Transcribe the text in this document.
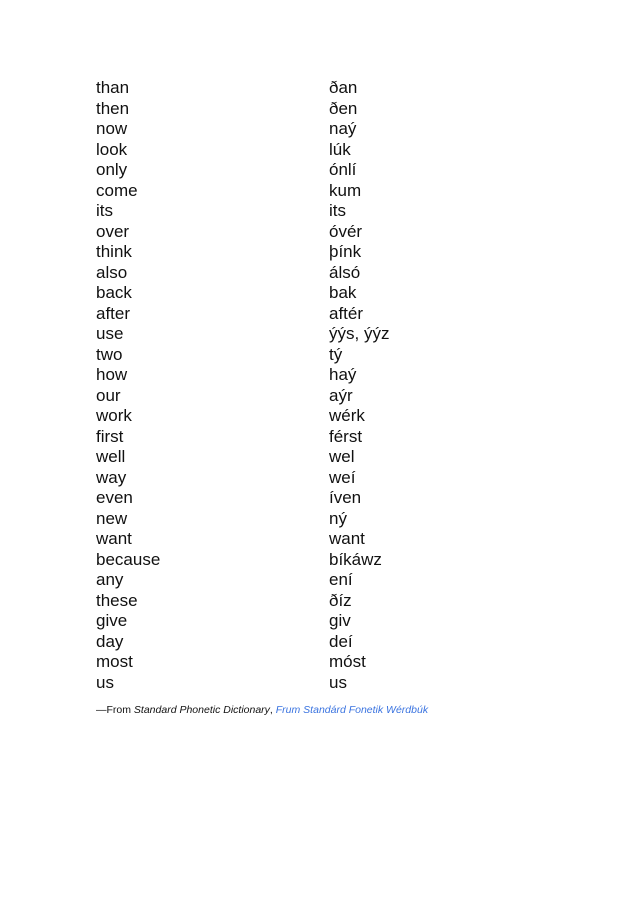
than	ðan
then	ðen
now	naý
look	lúk
only	ónlí
come	kum
its	its
over	óvér
think	þínk
also	álsó
back	bak
after	aftér
use	ýýs, ýýz
two	tý
how	haý
our	aýr
work	wérk
first	férst
well	wel
way	weí
even	íven
new	ný
want	want
because	bíkáwz
any	ení
these	ðíz
give	giv
day	deí
most	móst
us	us
—From Standard Phonetic Dictionary, Frum Standárd Fonetik Wérdbúk
